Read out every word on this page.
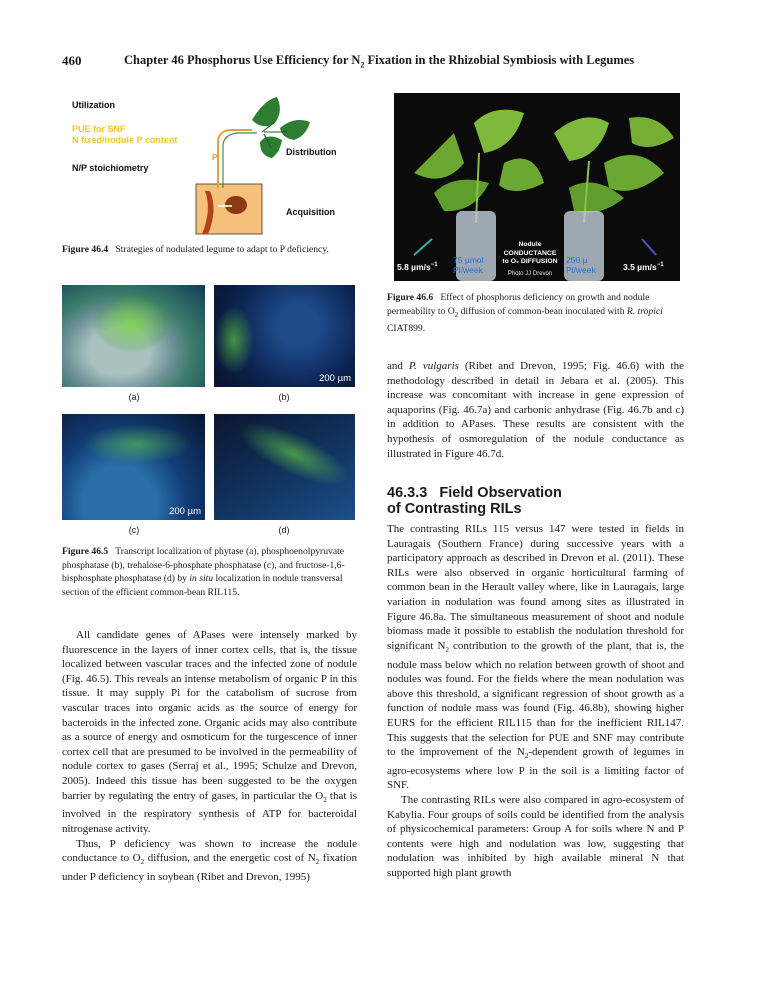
460	Chapter 46 Phosphorus Use Efficiency for $N_2$ Fixation in the Rhizobial Symbiosis with Legumes
Utilization
PUE for SNF
N fixed/nodule P content
N/P stoichiometry
Distribution
Acquisition
P
Figure 46.4 Strategies of nodulated legume to adapt to P deficiency.
200 µm
(a)	(b)
200 µm
(c)	(d)
Figure 46.5 Transcript localization of phytase (a), phosphoenolpyruvate phosphatase (b), trehalose-6-phosphate phosphatase (c), and fructose-1,6-bisphosphate phosphatase (d) by in situ localization in nodule transversal section of the efficient common-bean RIL115.

All candidate genes of APases were intensely marked by fluorescence in the layers of inner cortex cells, that is, the tissue localized between vascular traces and the infected zone of nodule (Fig. 46.5). This reveals an intense metabolism of organic P in this tissue. It may supply Pi for the catabolism of sucrose from vascular traces into organic acids as the source of energy for bacteroids in the infected zone. Organic acids may also contribute as a source of energy and osmoticum for the turgescence of inner cortex cell that are presumed to be involved in the permeability of nodule cortex to gases (Serraj et al., 1995; Schulze and Drevon, 2005). Indeed this tissue has been suggested to be the oxygen barrier by regulating the entry of gases, in particular the $O_2$ that is involved in the respiratory synthesis of ATP for bacteroidal nitrogenase activity.

Thus, P deficiency was shown to increase the nodule conductance to $O_2$ diffusion, and the energetic cost of $N_2$ fixation under P deficiency in soybean (Ribet and Drevon, 1995)

5.8 $\mu m/s^{-1}$
75 µmol
Pi/week
Nodule
CONDUCTANCE
to O₂ DIFFUSION
Photo JJ Drevon
250 µ
Pi/week	3.5 $\mu m/s^{-1}$
Figure 46.6 Effect of phosphorus deficiency on growth and nodule permeability to $O_2$ diffusion of common-bean inoculated with R. tropici CIAT899.

and P. vulgaris (Ribet and Drevon, 1995; Fig. 46.6) with the methodology described in detail in Jebara et al. (2005). This increase was concomitant with increase in gene expression of aquaporins (Fig. 46.7a) and carbonic anhydrase (Fig. 46.7b and c) in addition to APases. These results are consistent with the hypothesis of osmoregulation of the nodule conductance as illustrated in Figure 46.7d.

46.3.3 Field Observation
of Contrasting RILs

The contrasting RILs 115 versus 147 were tested in fields in Lauragais (Southern France) during successive years with a participatory approach as described in Drevon et al. (2011). These RILs were also observed in organic horticultural farming of common bean in the Herault valley where, like in Lauragais, large variation in nodulation was found among sites as illustrated in Figure 46.8a. The simultaneous measurement of shoot and nodule biomass made it possible to establish the nodulation threshold for significant $N_2$ contribution to the growth of the plant, that is, the nodule mass below which no relation between growth of shoot and nodules was found. For the fields where the mean nodulation was above this threshold, a significant regression of shoot growth as a function of nodule mass was found (Fig. 46.8b), showing higher EURS for the efficient RIL115 than for the inefficient RIL147. This suggests that the selection for PUE and SNF may contribute to the improvement of the $N_2$-dependent growth of legumes in agro-ecosystems where low P in the soil is a limiting factor of SNF.

The contrasting RILs were also compared in agro-ecosystem of Kabylia. Four groups of soils could be identified from the analysis of physicochemical parameters: Group A for soils where N and P contents were high and nodulation was low, suggesting that nodulation was inhibited by high available mineral N that supported high plant growth
